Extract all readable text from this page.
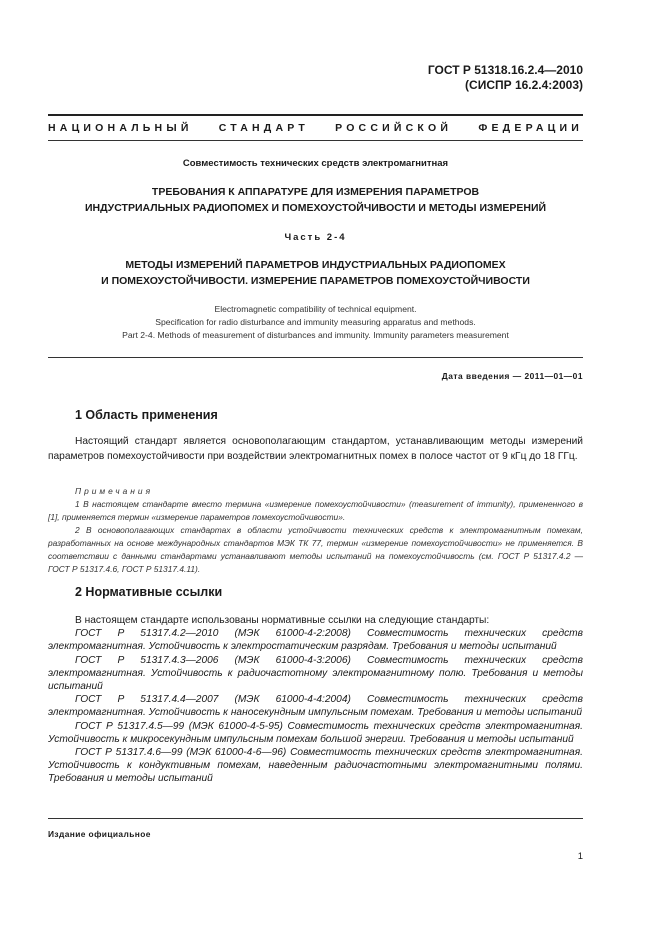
ГОСТ Р 51318.16.2.4—2010
(СИСПР 16.2.4:2003)
НАЦИОНАЛЬНЫЙ СТАНДАРТ РОССИЙСКОЙ ФЕДЕРАЦИИ
Совместимость технических средств электромагнитная
ТРЕБОВАНИЯ К АППАРАТУРЕ ДЛЯ ИЗМЕРЕНИЯ ПАРАМЕТРОВ
ИНДУСТРИАЛЬНЫХ РАДИОПОМЕХ И ПОМЕХОУСТОЙЧИВОСТИ И МЕТОДЫ ИЗМЕРЕНИЙ
Часть 2-4
МЕТОДЫ ИЗМЕРЕНИЙ ПАРАМЕТРОВ ИНДУСТРИАЛЬНЫХ РАДИОПОМЕХ
И ПОМЕХОУСТОЙЧИВОСТИ. ИЗМЕРЕНИЕ ПАРАМЕТРОВ ПОМЕХОУСТОЙЧИВОСТИ
Electromagnetic compatibility of technical equipment.
Specification for radio disturbance and immunity measuring apparatus and methods.
Part 2-4. Methods of measurement of disturbances and immunity. Immunity parameters measurement
Дата введения — 2011—01—01
1 Область применения
Настоящий стандарт является основополагающим стандартом, устанавливающим методы измерений параметров помехоустойчивости при воздействии электромагнитных помех в полосе частот от 9 кГц до 18 ГГц.
Примечания

1 В настоящем стандарте вместо термина «измерение помехоустойчивости» (measurement of immunity), примененного в [1], применяется термин «измерение параметров помехоустойчивости».

2 В основополагающих стандартах в области устойчивости технических средств к электромагнитным помехам, разработанных на основе международных стандартов МЭК ТК 77, термин «измерение помехоустойчивости» не применяется. В соответствии с данными стандартами устанавливают методы испытаний на помехоустойчивость (см. ГОСТ Р 51317.4.2 — ГОСТ Р 51317.4.6, ГОСТ Р 51317.4.11).

2 Нормативные ссылки

В настоящем стандарте использованы нормативные ссылки на следующие стандарты:

ГОСТ Р 51317.4.2—2010 (МЭК 61000-4-2:2008) Совместимость технических средств электромагнитная. Устойчивость к электростатическим разрядам. Требования и методы испытаний

ГОСТ Р 51317.4.3—2006 (МЭК 61000-4-3:2006) Совместимость технических средств электромагнитная. Устойчивость к радиочастотному электромагнитному полю. Требования и методы испытаний

ГОСТ Р 51317.4.4—2007 (МЭК 61000-4-4:2004) Совместимость технических средств электромагнитная. Устойчивость к наносекундным импульсным помехам. Требования и методы испытаний

ГОСТ Р 51317.4.5—99 (МЭК 61000-4-5-95) Совместимость технических средств электромагнитная. Устойчивость к микросекундным импульсным помехам большой энергии. Требования и методы испытаний

ГОСТ Р 51317.4.6—99 (МЭК 61000-4-6—96) Совместимость технических средств электромагнитная. Устойчивость к кондуктивным помехам, наведенным радиочастотными электромагнитными полями. Требования и методы испытаний

Издание официальное
1
